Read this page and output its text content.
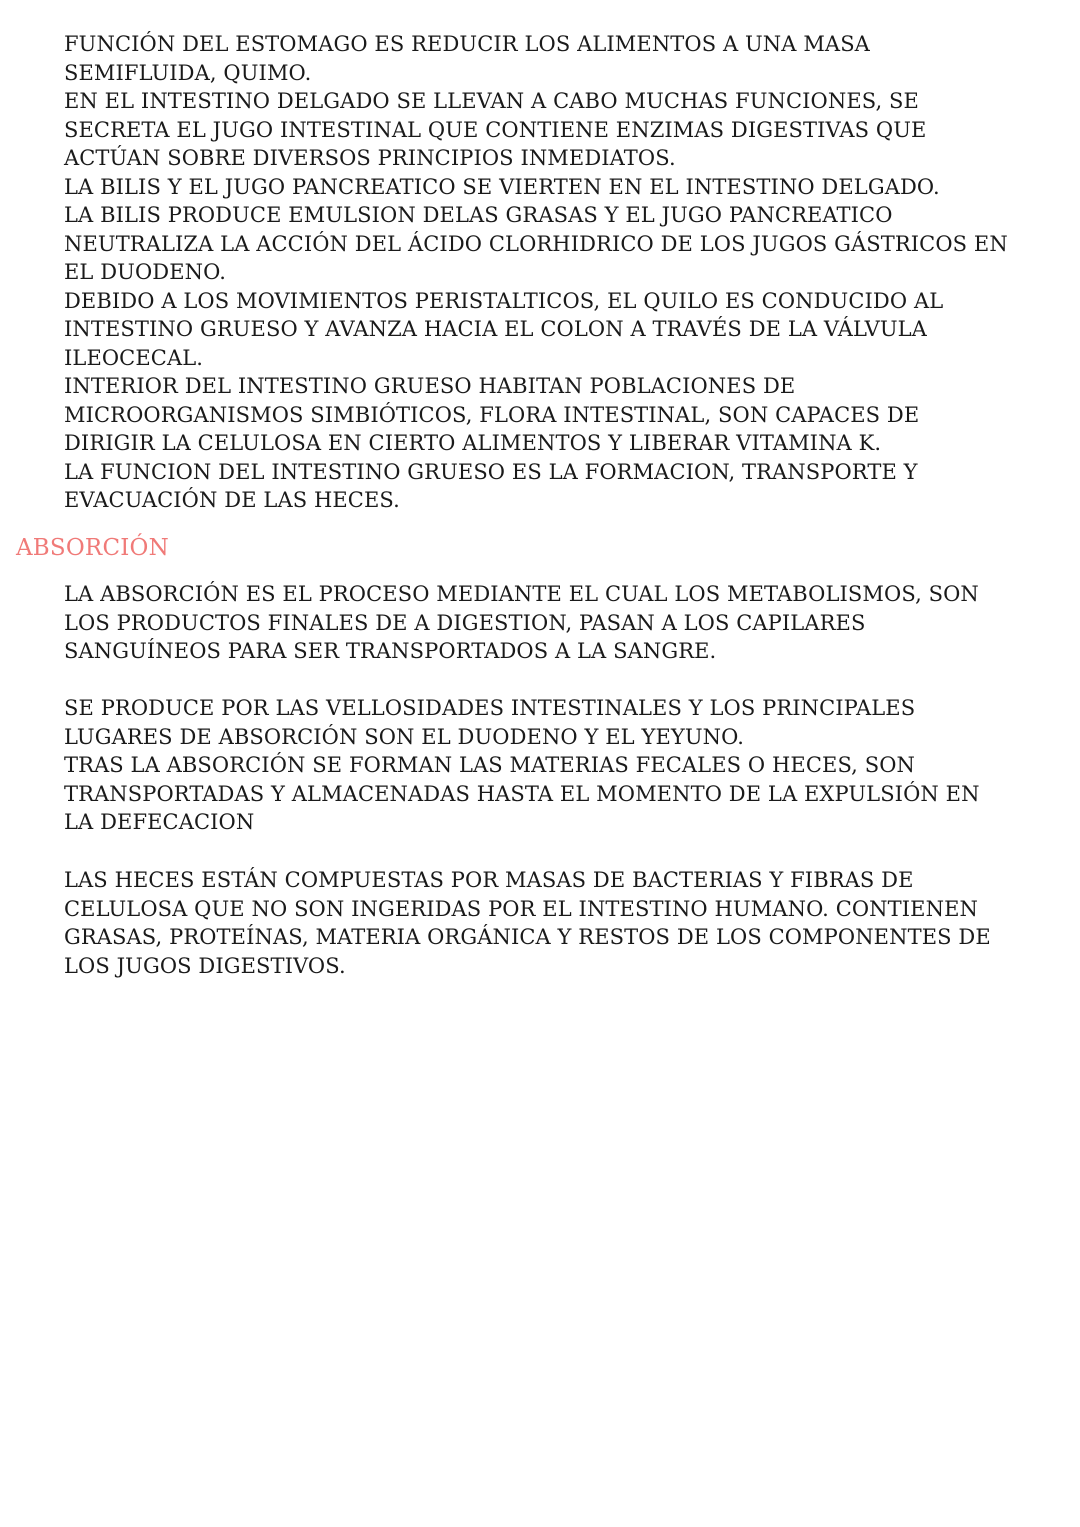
FUNCIÓN DEL ESTOMAGO ES REDUCIR LOS ALIMENTOS A UNA MASA
SEMIFLUIDA, QUIMO.
EN EL INTESTINO DELGADO SE LLEVAN A CABO MUCHAS FUNCIONES, SE
SECRETA EL JUGO INTESTINAL QUE CONTIENE ENZIMAS DIGESTIVAS QUE
ACTÚAN SOBRE DIVERSOS PRINCIPIOS INMEDIATOS.
LA BILIS Y EL JUGO PANCREATICO SE VIERTEN EN EL INTESTINO DELGADO.
LA BILIS PRODUCE EMULSION DELAS GRASAS Y EL JUGO PANCREATICO
NEUTRALIZA LA ACCIÓN DEL ÁCIDO CLORHIDRICO DE LOS JUGOS GÁSTRICOS EN
EL DUODENO.
DEBIDO A LOS MOVIMIENTOS PERISTALTICOS, EL QUILO ES CONDUCIDO AL
INTESTINO GRUESO Y AVANZA HACIA EL COLON A TRAVÉS DE LA VÁLVULA
ILEOCECAL.
INTERIOR DEL INTESTINO GRUESO HABITAN POBLACIONES DE
MICROORGANISMOS SIMBIÓTICOS, FLORA INTESTINAL, SON CAPACES DE
DIRIGIR LA CELULOSA EN CIERTO ALIMENTOS Y LIBERAR VITAMINA K.
LA FUNCION DEL INTESTINO GRUESO ES LA FORMACION, TRANSPORTE Y
EVACUACIÓN DE LAS HECES.
ABSORCIÓN
LA ABSORCIÓN ES EL PROCESO MEDIANTE EL CUAL LOS METABOLISMOS, SON
LOS PRODUCTOS FINALES DE A DIGESTION, PASAN A LOS CAPILARES
SANGUÍNEOS PARA SER TRANSPORTADOS A LA SANGRE.
SE PRODUCE POR LAS VELLOSIDADES INTESTINALES Y LOS PRINCIPALES
LUGARES DE ABSORCIÓN SON EL DUODENO Y EL YEYUNO.
TRAS LA ABSORCIÓN SE FORMAN LAS MATERIAS FECALES O HECES, SON
TRANSPORTADAS Y ALMACENADAS HASTA EL MOMENTO DE LA EXPULSIÓN EN
LA DEFECACION
LAS HECES ESTÁN COMPUESTAS POR MASAS DE BACTERIAS Y FIBRAS DE
CELULOSA QUE NO SON INGERIDAS POR EL INTESTINO HUMANO. CONTIENEN
GRASAS, PROTEÍNAS, MATERIA ORGÁNICA Y RESTOS DE LOS COMPONENTES DE
LOS JUGOS DIGESTIVOS.
